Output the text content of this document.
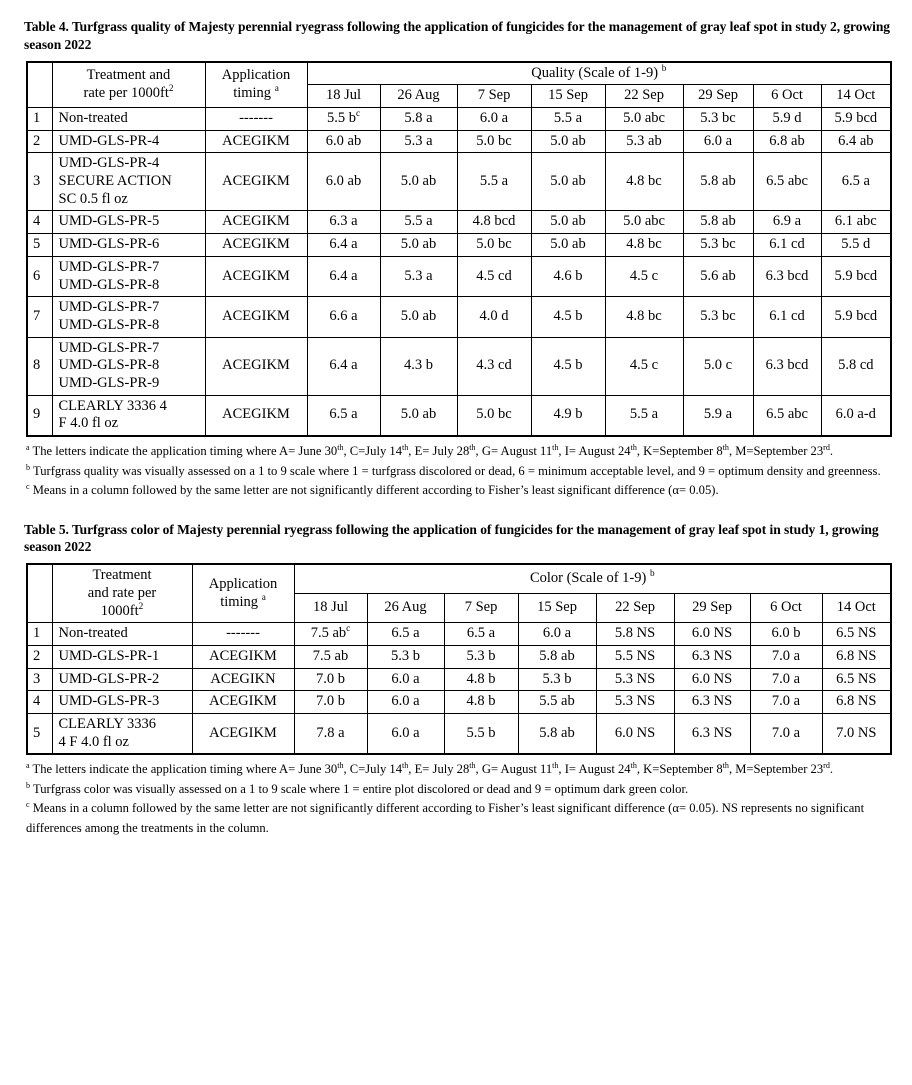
Table 4. Turfgrass quality of Majesty perennial ryegrass following the application of fungicides for the management of gray leaf spot in study 2, growing season 2022

	Treatment and
rate per $1000ft^2$	Application
timing $^a$	Quality (Scale of 1-9) $^b$
			18 Jul	26 Aug	7 Sep	15 Sep	22 Sep	29 Sep	6 Oct	14 Oct
1	Non-treated	-------	5.5 $b^c$	5.8 a	6.0 a	5.5 a	5.0 abc	5.3 bc	5.9 d	5.9 bcd
2	UMD-GLS-PR-4	ACEGIKM	6.0 ab	5.3 a	5.0 bc	5.0 ab	5.3 ab	6.0 a	6.8 ab	6.4 ab
3	UMD-GLS-PR-4
SECURE ACTION
SC 0.5 fl oz	ACEGIKM	6.0 ab	5.0 ab	5.5 a	5.0 ab	4.8 bc	5.8 ab	6.5 abc	6.5 a
4	UMD-GLS-PR-5	ACEGIKM	6.3 a	5.5 a	4.8 bcd	5.0 ab	5.0 abc	5.8 ab	6.9 a	6.1 abc
5	UMD-GLS-PR-6	ACEGIKM	6.4 a	5.0 ab	5.0 bc	5.0 ab	4.8 bc	5.3 bc	6.1 cd	5.5 d
6	UMD-GLS-PR-7
UMD-GLS-PR-8	ACEGIKM	6.4 a	5.3 a	4.5 cd	4.6 b	4.5 c	5.6 ab	6.3 bcd	5.9 bcd
7	UMD-GLS-PR-7
UMD-GLS-PR-8	ACEGIKM	6.6 a	5.0 ab	4.0 d	4.5 b	4.8 bc	5.3 bc	6.1 cd	5.9 bcd
8	UMD-GLS-PR-7
UMD-GLS-PR-8
UMD-GLS-PR-9	ACEGIKM	6.4 a	4.3 b	4.3 cd	4.5 b	4.5 c	5.0 c	6.3 bcd	5.8 cd
9	CLEARLY 3336 4
F 4.0 fl oz	ACEGIKM	6.5 a	5.0 ab	5.0 bc	4.9 b	5.5 a	5.9 a	6.5 abc	6.0 a-d

$^a$ The letters indicate the application timing where A= June 30th, C=July 14th, E= July 28th, G= August 11th, I= August 24th, K=September 8th, M=September 23rd.

$^b$ Turfgrass quality was visually assessed on a 1 to 9 scale where 1 = turfgrass discolored or dead, 6 = minimum acceptable level, and 9 = optimum density and greenness.

$^c$ Means in a column followed by the same letter are not significantly different according to Fisher’s least significant difference (α= 0.05).

Table 5. Turfgrass color of Majesty perennial ryegrass following the application of fungicides for the management of gray leaf spot in study 1, growing season 2022

	Treatment
and rate per
$1000ft^2$	Application
timing $^a$	Color (Scale of 1-9) $^b$
			18 Jul	26 Aug	7 Sep	15 Sep	22 Sep	29 Sep	6 Oct	14 Oct
1	Non-treated	-------	7.5 $ab^c$	6.5 a	6.5 a	6.0 a	5.8 NS	6.0 NS	6.0 b	6.5 NS
2	UMD-GLS-PR-1	ACEGIKM	7.5 ab	5.3 b	5.3 b	5.8 ab	5.5 NS	6.3 NS	7.0 a	6.8 NS
3	UMD-GLS-PR-2	ACEGIKN	7.0 b	6.0 a	4.8 b	5.3 b	5.3 NS	6.0 NS	7.0 a	6.5 NS
4	UMD-GLS-PR-3	ACEGIKM	7.0 b	6.0 a	4.8 b	5.5 ab	5.3 NS	6.3 NS	7.0 a	6.8 NS
5	CLEARLY 3336
4 F 4.0 fl oz	ACEGIKM	7.8 a	6.0 a	5.5 b	5.8 ab	6.0 NS	6.3 NS	7.0 a	7.0 NS

$^a$ The letters indicate the application timing where A= June 30th, C=July 14th, E= July 28th, G= August 11th, I= August 24th, K=September 8th, M=September 23rd.

$^b$ Turfgrass color was visually assessed on a 1 to 9 scale where 1 = entire plot discolored or dead and 9 = optimum dark green color.

$^c$ Means in a column followed by the same letter are not significantly different according to Fisher’s least significant difference (α= 0.05). NS represents no significant differences among the treatments in the column.
